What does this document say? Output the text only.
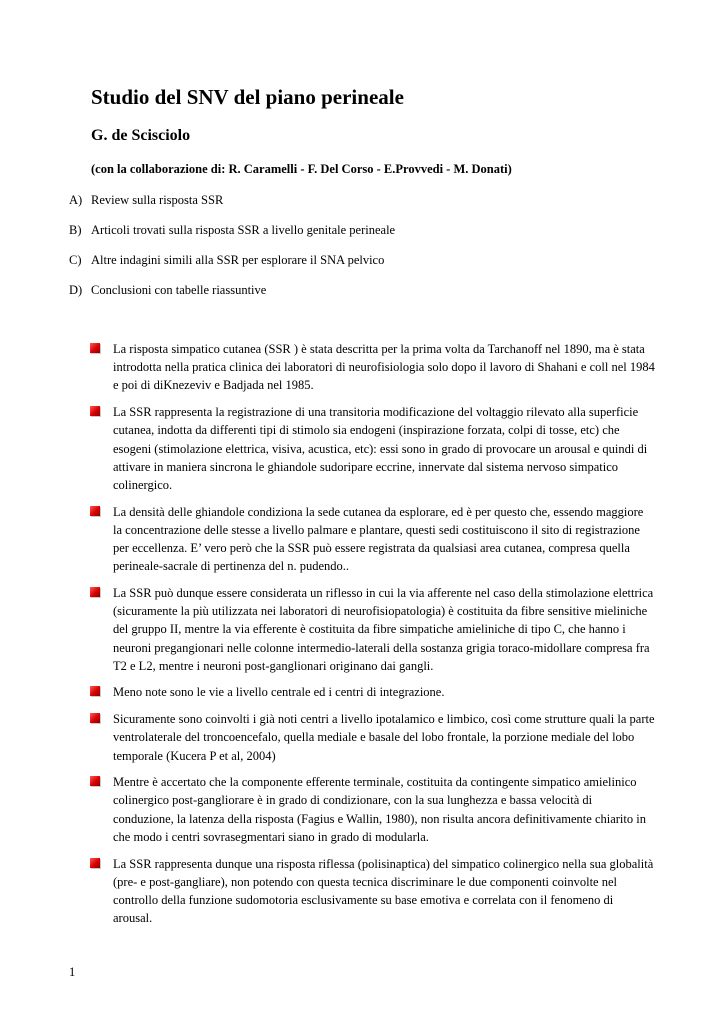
Studio del SNV del piano perineale
G. de Scisciolo
(con la collaborazione di: R. Caramelli - F. Del Corso - E.Provvedi - M. Donati)
A) Review sulla risposta SSR
B) Articoli trovati sulla risposta SSR a livello genitale perineale
C) Altre indagini simili alla SSR per esplorare il SNA pelvico
D) Conclusioni con tabelle riassuntive
La risposta simpatico cutanea (SSR ) è stata descritta per la prima volta da Tarchanoff nel 1890, ma è stata introdotta nella pratica clinica dei laboratori di neurofisiologia solo dopo il lavoro di Shahani e coll nel 1984 e poi di diKnezeviv e Badjada nel 1985.
La SSR rappresenta la registrazione di una transitoria modificazione del voltaggio rilevato alla superficie cutanea, indotta da differenti tipi di stimolo sia endogeni (inspirazione forzata, colpi di tosse, etc) che esogeni (stimolazione elettrica, visiva, acustica, etc): essi sono in grado di provocare un arousal e quindi di attivare in maniera sincrona le ghiandole sudoripare eccrine, innervate dal sistema nervoso simpatico colinergico.
La densità delle ghiandole condiziona la sede cutanea da esplorare, ed è per questo che, essendo maggiore la concentrazione delle stesse a livello palmare e plantare, questi sedi costituiscono il sito di registrazione per eccellenza. E’ vero però che la SSR può essere registrata da qualsiasi area cutanea, compresa quella perineale-sacrale di pertinenza del n. pudendo..
La SSR può dunque essere considerata un riflesso in cui la via afferente nel caso della stimolazione elettrica (sicuramente la più utilizzata nei laboratori di neurofisiopatologia) è costituita da fibre sensitive mieliniche del gruppo II, mentre la via efferente è costituita da fibre simpatiche amieliniche di tipo C, che hanno i neuroni pregangionari nelle colonne intermedio-laterali della sostanza grigia toraco-midollare compresa fra T2 e L2, mentre i neuroni post-ganglionari originano dai gangli.
Meno note sono le vie a livello centrale ed i centri di integrazione.
Sicuramente sono coinvolti i già noti centri a livello ipotalamico e limbico, così come strutture quali la parte ventrolaterale del troncoencefalo, quella mediale e basale del lobo frontale, la porzione mediale del lobo temporale (Kucera P et al, 2004)
Mentre è accertato che la componente efferente terminale, costituita da contingente simpatico amielinico colinergico post-gangliorare è in grado di condizionare, con la sua lunghezza e bassa velocità di conduzione, la latenza della risposta (Fagius e Wallin, 1980), non risulta ancora definitivamente chiarito in che modo i centri sovrasegmentari siano in grado di modularla.
La SSR rappresenta dunque una risposta riflessa (polisinaptica) del simpatico colinergico nella sua globalità (pre- e post-gangliare), non potendo con questa tecnica discriminare le due componenti coinvolte nel controllo della funzione sudomotoria esclusivamente su base emotiva e correlata con il fenomeno di arousal.
1
